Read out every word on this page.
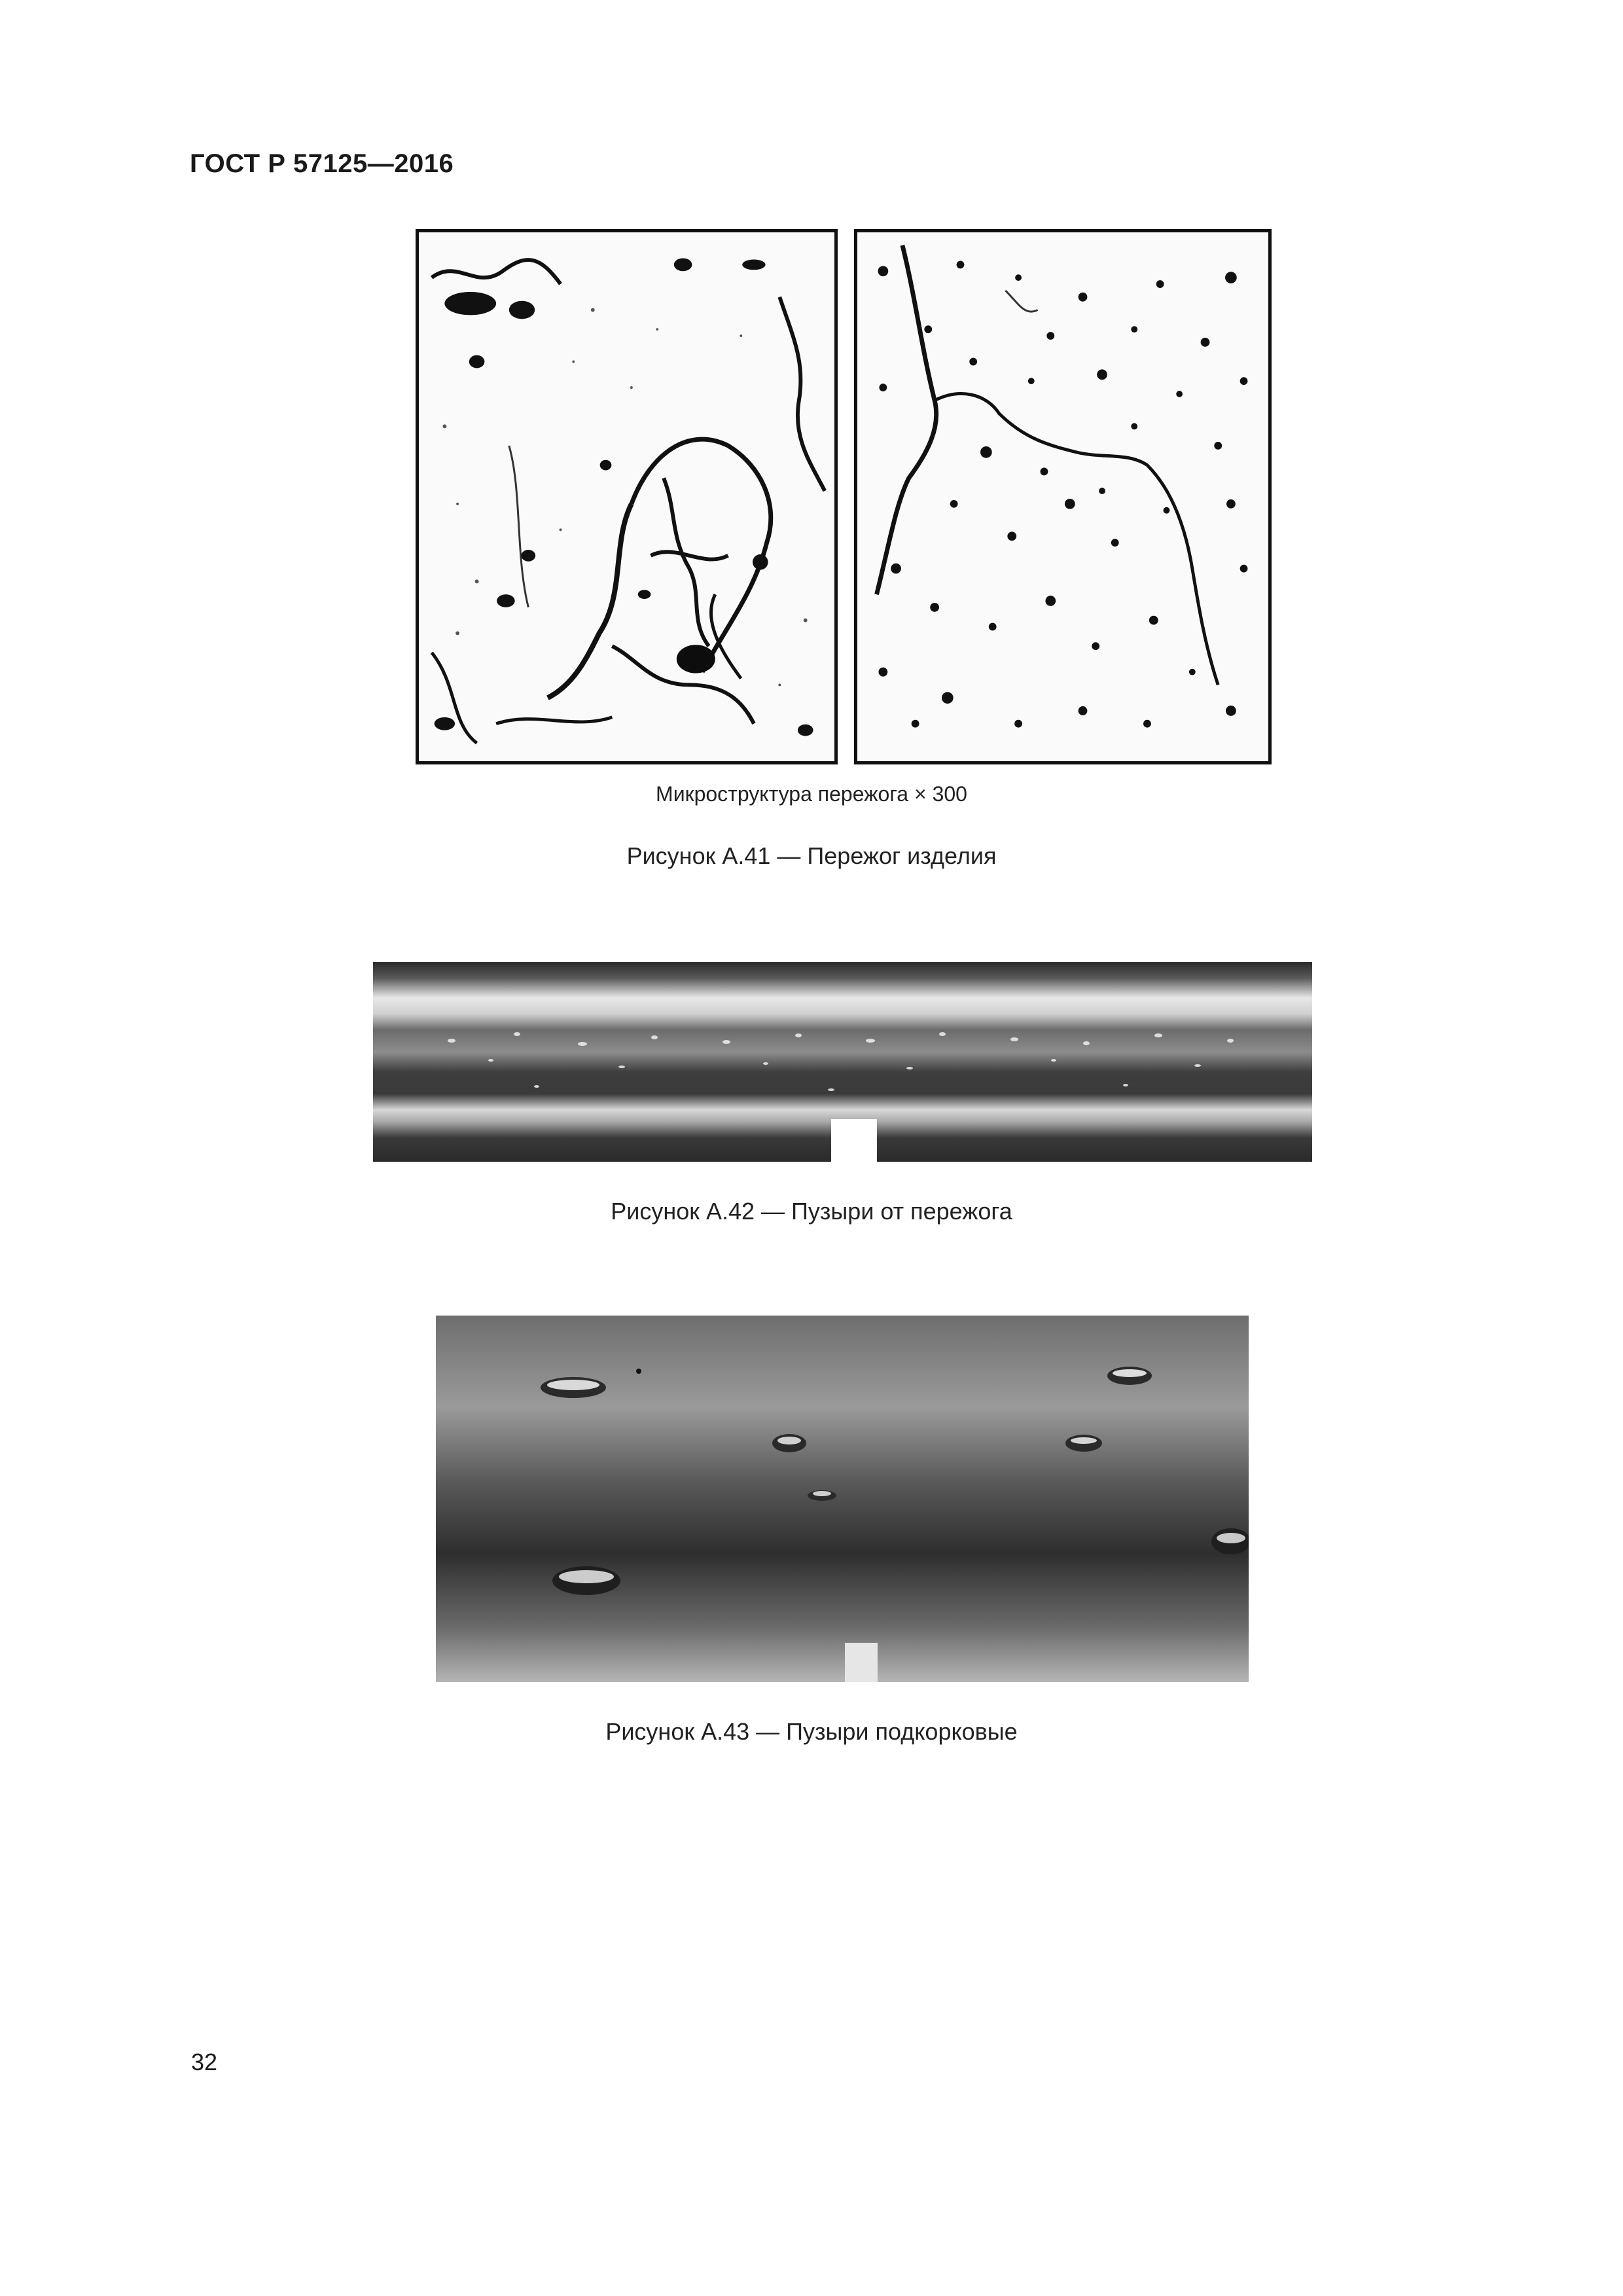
ГОСТ Р 57125—2016
Микроструктура пережога × 300
Рисунок А.41 — Пережог изделия
Рисунок А.42 — Пузыри от пережога
Рисунок А.43 — Пузыри подкорковые
32
